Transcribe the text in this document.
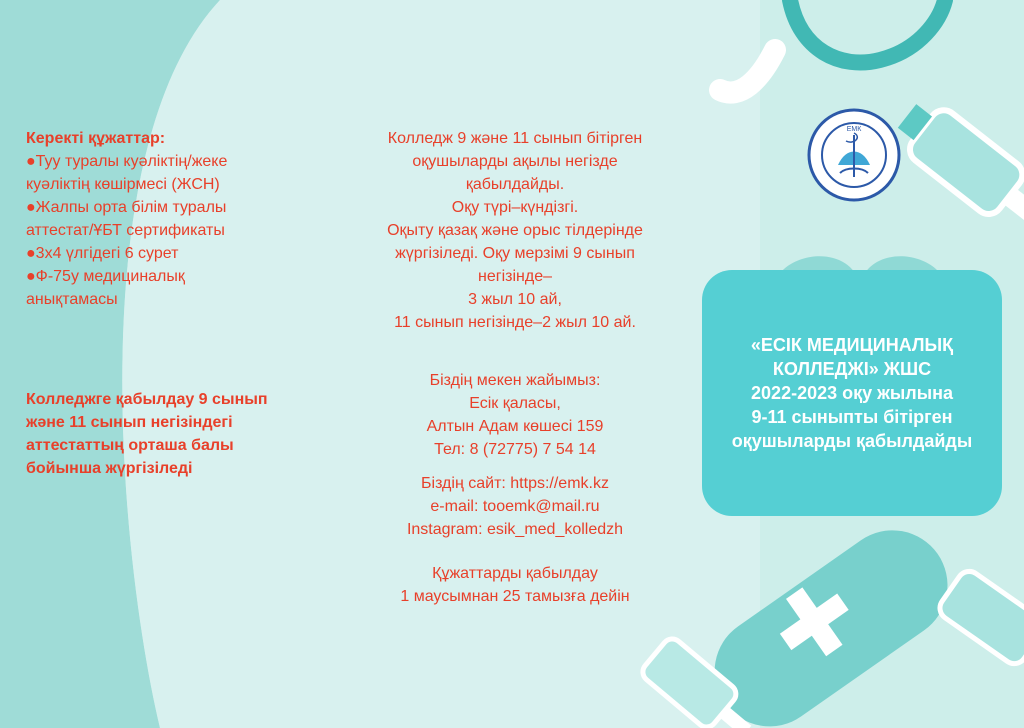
ЕМК
Керекті құжаттар:
●Туу туралы куәліктің/жеке
куәліктің көшірмесі (ЖСН)
●Жалпы орта білім туралы
аттестат/ҰБТ сертификаты
●3х4 үлгідегі 6 сурет
●Ф-75у медициналық
анықтамасы
Колледжге қабылдау 9 сынып
және 11 сынып негізіндегі
аттестаттың орташа балы
бойынша жүргізіледі
Колледж 9 және 11 сынып бітірген
оқушыларды ақылы негізде
қабылдайды.
Оқу түрі–күндізгі.
Оқыту қазақ және орыс тілдерінде
жүргізіледі. Оқу мерзімі 9 сынып
негізінде–
3 жыл 10 ай,
11 сынып негізінде–2 жыл 10 ай.
Біздің мекен жайымыз:
Есік қаласы,
Алтын Адам көшесі 159
Тел: 8 (72775) 7 54 14
Біздің сайт: https://emk.kz
e-mail: tooemk@mail.ru
Instagram: esik_med_kolledzh
Құжаттарды қабылдау
1 маусымнан 25 тамызға дейін
«ЕСІК МЕДИЦИНАЛЫҚ
КОЛЛЕДЖІ» ЖШС
2022-2023 оқу жылына
9-11 сыныпты бітірген
оқушыларды қабылдайды
